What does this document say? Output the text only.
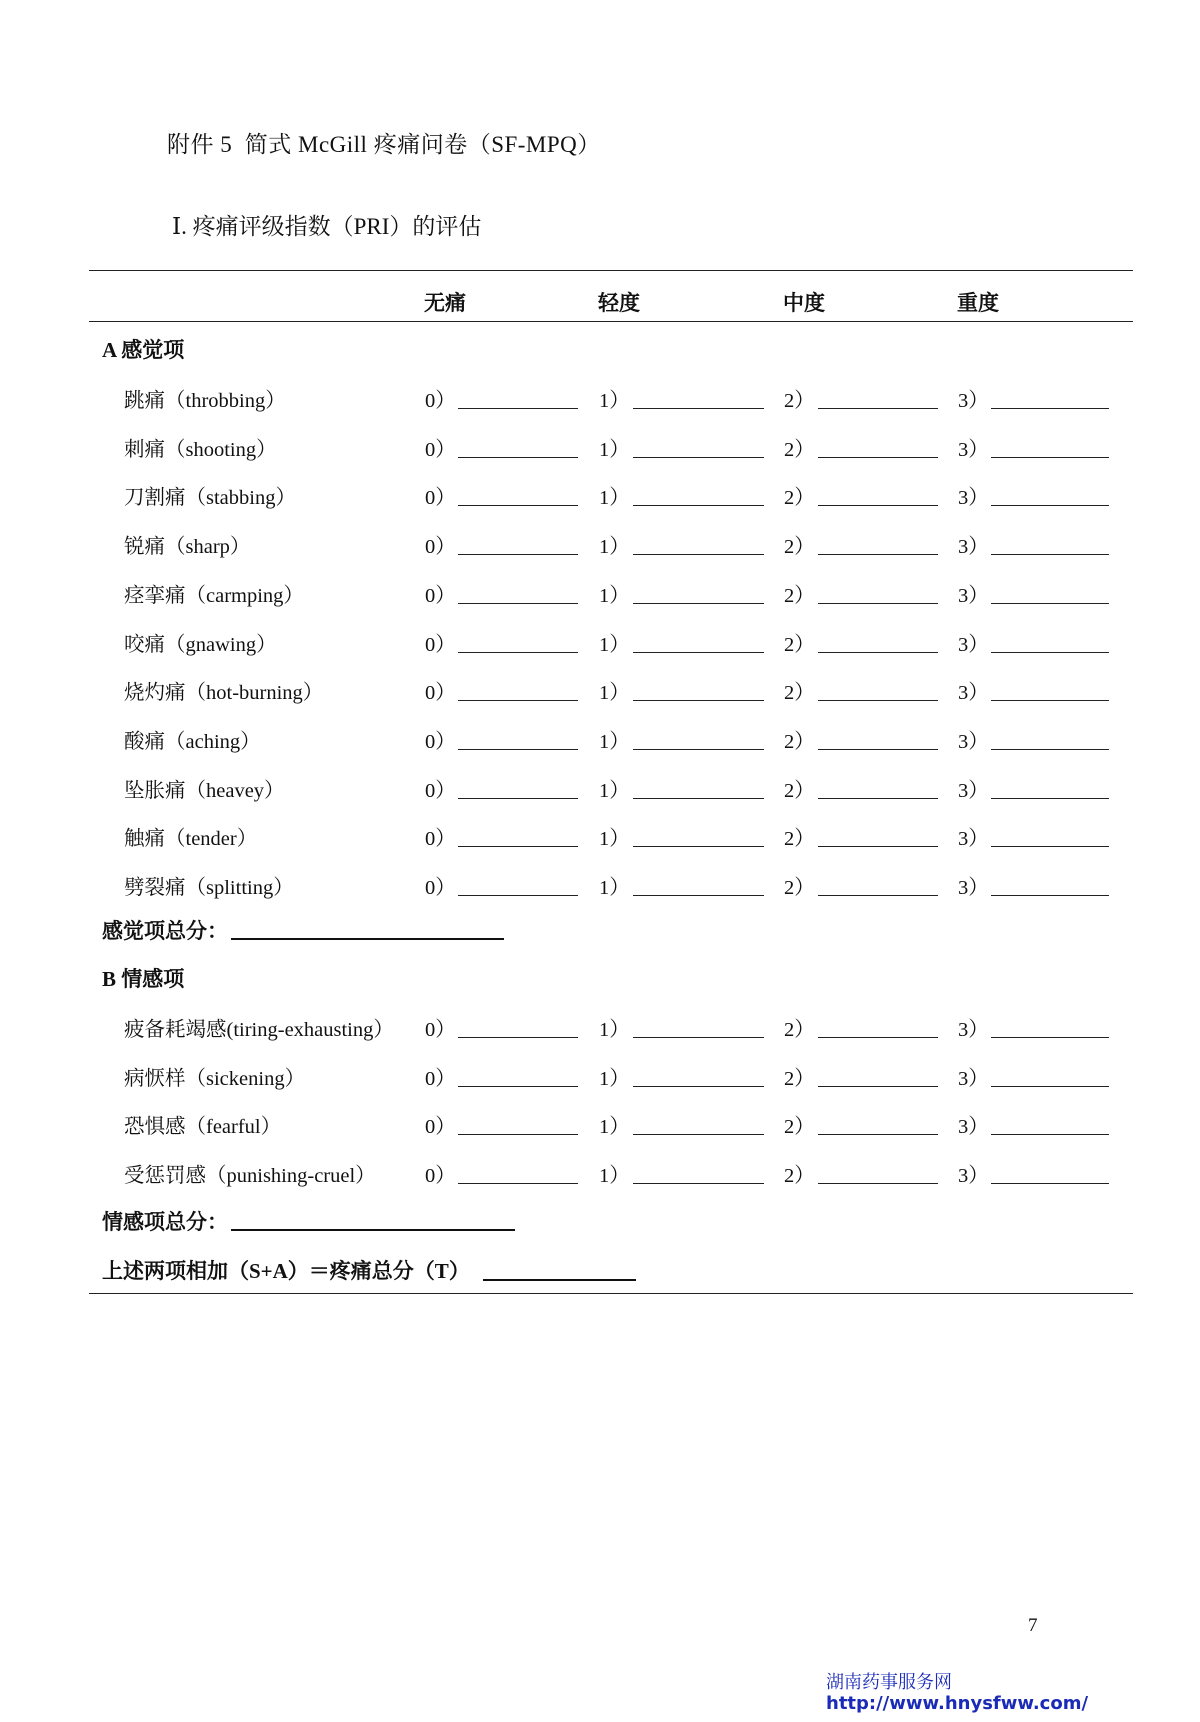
附件 5  简式 McGill 疼痛问卷（SF-MPQ）
Ⅰ. 疼痛评级指数（PRI）的评估
无痛	轻度	中度	重度
A 感觉项
跳痛（throbbing）	0）	1）	2）	3）
刺痛（shooting）	0）	1）	2）	3）
刀割痛（stabbing）	0）	1）	2）	3）
锐痛（sharp）	0）	1）	2）	3）
痉挛痛（carmping）	0）	1）	2）	3）
咬痛（gnawing）	0）	1）	2）	3）
烧灼痛（hot-burning）	0）	1）	2）	3）
酸痛（aching）	0）	1）	2）	3）
坠胀痛（heavey）	0）	1）	2）	3）
触痛（tender）	0）	1）	2）	3）
劈裂痛（splitting）	0）	1）	2）	3）
感觉项总分：
B 情感项
疲备耗竭感(tiring-exhausting） 0）	1）	2）	3）
病恹样（sickening）	0）	1）	2）	3）
恐惧感（fearful）	0）	1）	2）	3）
受惩罚感（punishing-cruel） 0）	1）	2）	3）
情感项总分：
上述两项相加（S+A）＝疼痛总分（T）
7
湖南药事服务网
http://www.hnysfww.com/
